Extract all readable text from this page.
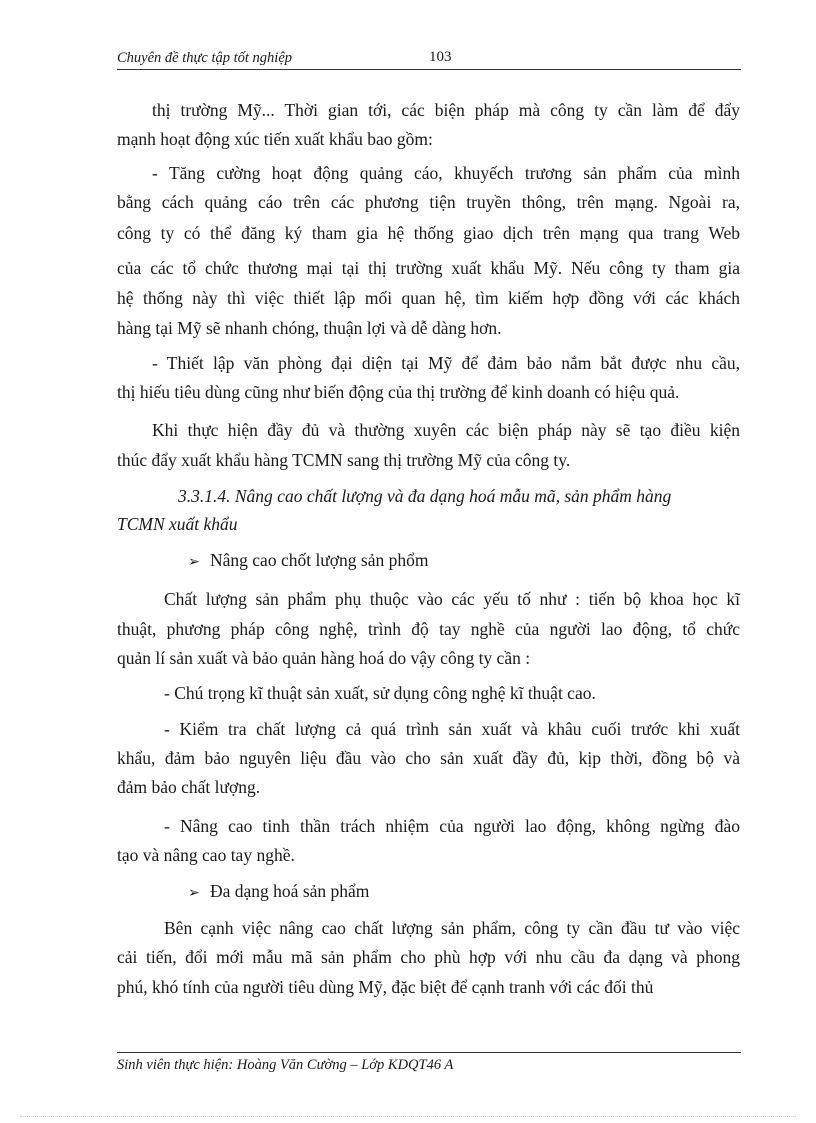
Chuyên đề thực tập tốt nghiệp	103
thị trường Mỹ... Thời gian tới, các biện pháp mà công ty cần làm để đẩy
mạnh hoạt động xúc tiến xuất khẩu bao gồm:
- Tăng cường hoạt động quảng cáo, khuyếch trương sản phẩm của mình
bằng cách quảng cáo trên các phương tiện truyền thông, trên mạng. Ngoài ra,
công ty có thể đăng ký tham gia hệ thống giao dịch trên mạng qua trang Web
của các tổ chức thương mại tại thị trường xuất khẩu Mỹ. Nếu công ty tham gia
hệ thống này thì việc thiết lập mối quan hệ, tìm kiếm hợp đồng với các khách
hàng tại Mỹ sẽ nhanh chóng, thuận lợi và dễ dàng hơn.
- Thiết lập văn phòng đại diện tại Mỹ để đảm bảo nắm bắt được nhu cầu,
thị hiếu tiêu dùng cũng như biến động của thị trường để kinh doanh có hiệu quả.
Khi thực hiện đầy đủ và thường xuyên các biện pháp này sẽ tạo điều kiện
thúc đẩy xuất khẩu hàng TCMN sang thị trường Mỹ của công ty.
3.3.1.4. Nâng cao chất lượng và đa dạng hoá mẫu mã, sản phẩm hàng
TCMN xuất khẩu
➢ Nâng cao chốt lượng sản phổm
Chất lượng sản phẩm phụ thuộc vào các yếu tố như : tiến bộ khoa học kĩ
thuật, phương pháp công nghệ, trình độ tay nghề của người lao động, tổ chức
quản lí sản xuất và bảo quản hàng hoá do vậy công ty cần :
- Chú trọng kĩ thuật sản xuất, sử dụng công nghệ kĩ thuật cao.
- Kiểm tra chất lượng cả quá trình sản xuất và khâu cuối trước khi xuất
khẩu, đảm bảo nguyên liệu đầu vào cho sản xuất đầy đủ, kịp thời, đồng bộ và
đảm bảo chất lượng.
- Nâng cao tinh thần trách nhiệm của người lao động, không ngừng đào
tạo và nâng cao tay nghề.
➢ Đa dạng hoá sản phẩm
Bên cạnh việc nâng cao chất lượng sản phẩm, công ty cần đầu tư vào việc
cải tiến, đổi mới mẫu mã sản phẩm cho phù hợp với nhu cầu đa dạng và phong
phú, khó tính của người tiêu dùng Mỹ, đặc biệt để cạnh tranh với các đối thủ
Sinh viên thực hiện: Hoàng Văn Cường – Lớp KDQT46 A
